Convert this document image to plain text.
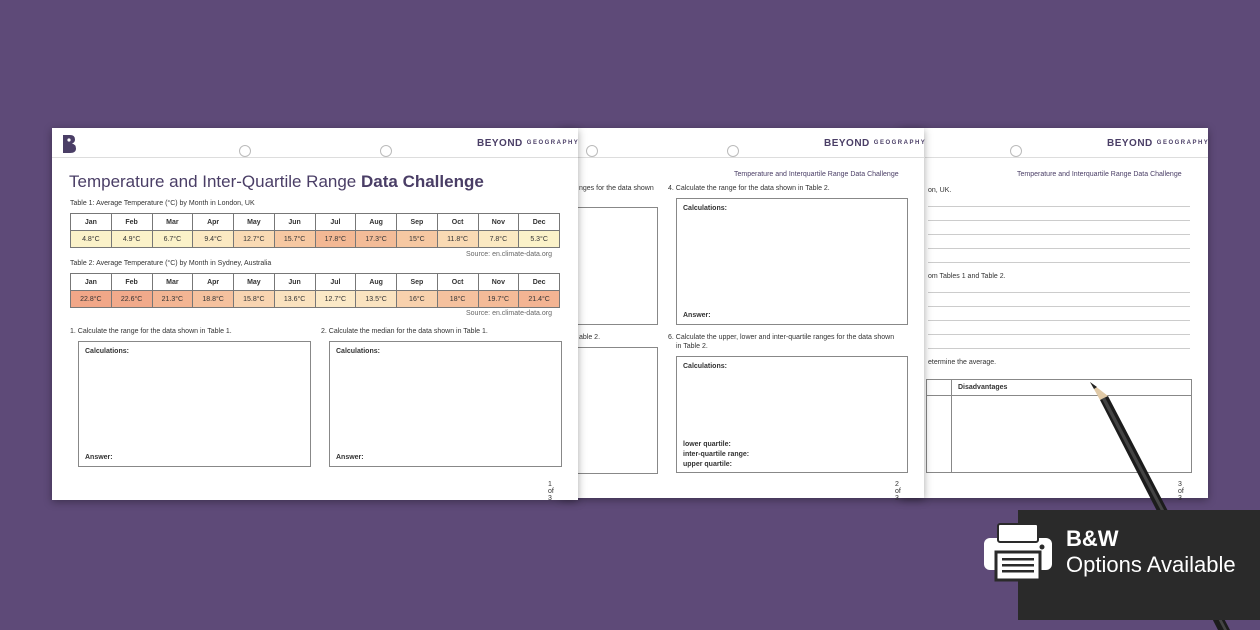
BEYOND GEOGRAPHY
Temperature and Interquartile Range Data Challenge
on, UK.
om Tables 1 and Table 2.
etermine the average.
Disadvantages
3 of 3
BEYOND GEOGRAPHY
Temperature and Interquartile Range Data Challenge
nges for the data shown 4. Calculate the range for the data shown in Table 2.
Calculations:
Answer:
able 2.	6. Calculate the upper, lower and inter-quartile ranges for the data shown
in Table 2.
Calculations:
lower quartile:
inter-quartile range:
upper quartile:
2 of 3
BEYOND GEOGRAPHY
Temperature and Inter-Quartile Range Data Challenge
Table 1: Average Temperature (°C) by Month in London, UK
Jan	Feb	Mar	Apr	May	Jun	Jul	Aug	Sep	Oct	Nov	Dec
4.8°C	4.9°C	6.7°C	9.4°C	12.7°C	15.7°C	17.8°C	17.3°C	15°C	11.8°C	7.8°C	5.3°C
Source: en.climate-data.org
Table 2: Average Temperature (°C) by Month in Sydney, Australia
Jan	Feb	Mar	Apr	May	Jun	Jul	Aug	Sep	Oct	Nov	Dec
22.8°C	22.6°C	21.3°C	18.8°C	15.8°C	13.6°C	12.7°C	13.5°C	16°C	18°C	19.7°C	21.4°C
Source: en.climate-data.org
1. Calculate the range for the data shown in Table 1.	2. Calculate the median for the data shown in Table 1.
Calculations:
Answer:
Calculations:
Answer:
1 of 3
B&W
Options Available
